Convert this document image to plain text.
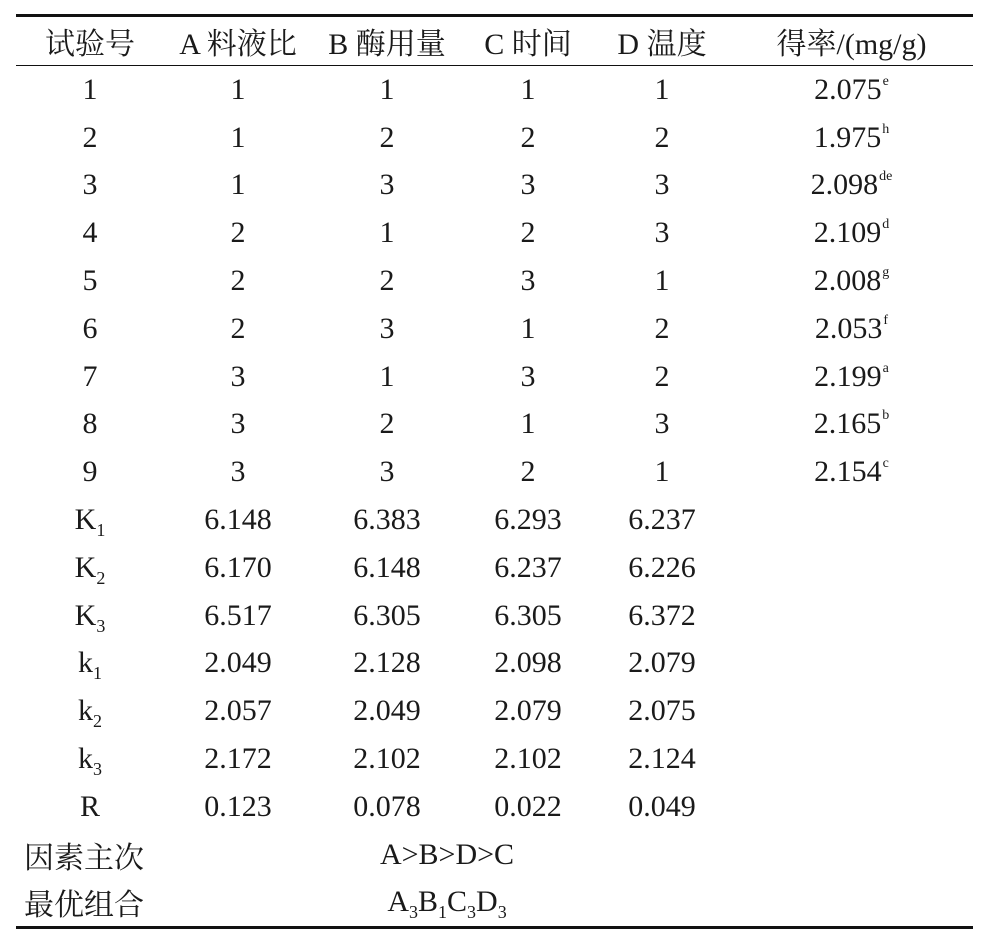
试验号	A 料液比	B 酶用量	C 时间	D 温度	得率/(mg/g)

1	1	1	1	1	2.075e
2	1	2	2	2	1.975$^h$
3	1	3	3	3	2.098de
4	2	1	2	3	2.109$^d$
5	2	2	3	1	2.008$^g$
6	2	3	1	2	2.053$^f$
7	3	1	3	2	2.199$^a$
8	3	2	1	3	2.165$^b$
9	3	3	2	1	2.154$^c$
$K_1$	6.148	6.383	6.293	6.237	
$K_2$	6.170	6.148	6.237	6.226	
$K_3$	6.517	6.305	6.305	6.372	
$k_1$	2.049	2.128	2.098	2.079	
$k_2$	2.057	2.049	2.079	2.075	
$k_3$	2.172	2.102	2.102	2.124	
R	0.123	0.078	0.022	0.049	
因素主次	A>B>D>C				
最优组合	$A_3B_1C_3D_3$	
